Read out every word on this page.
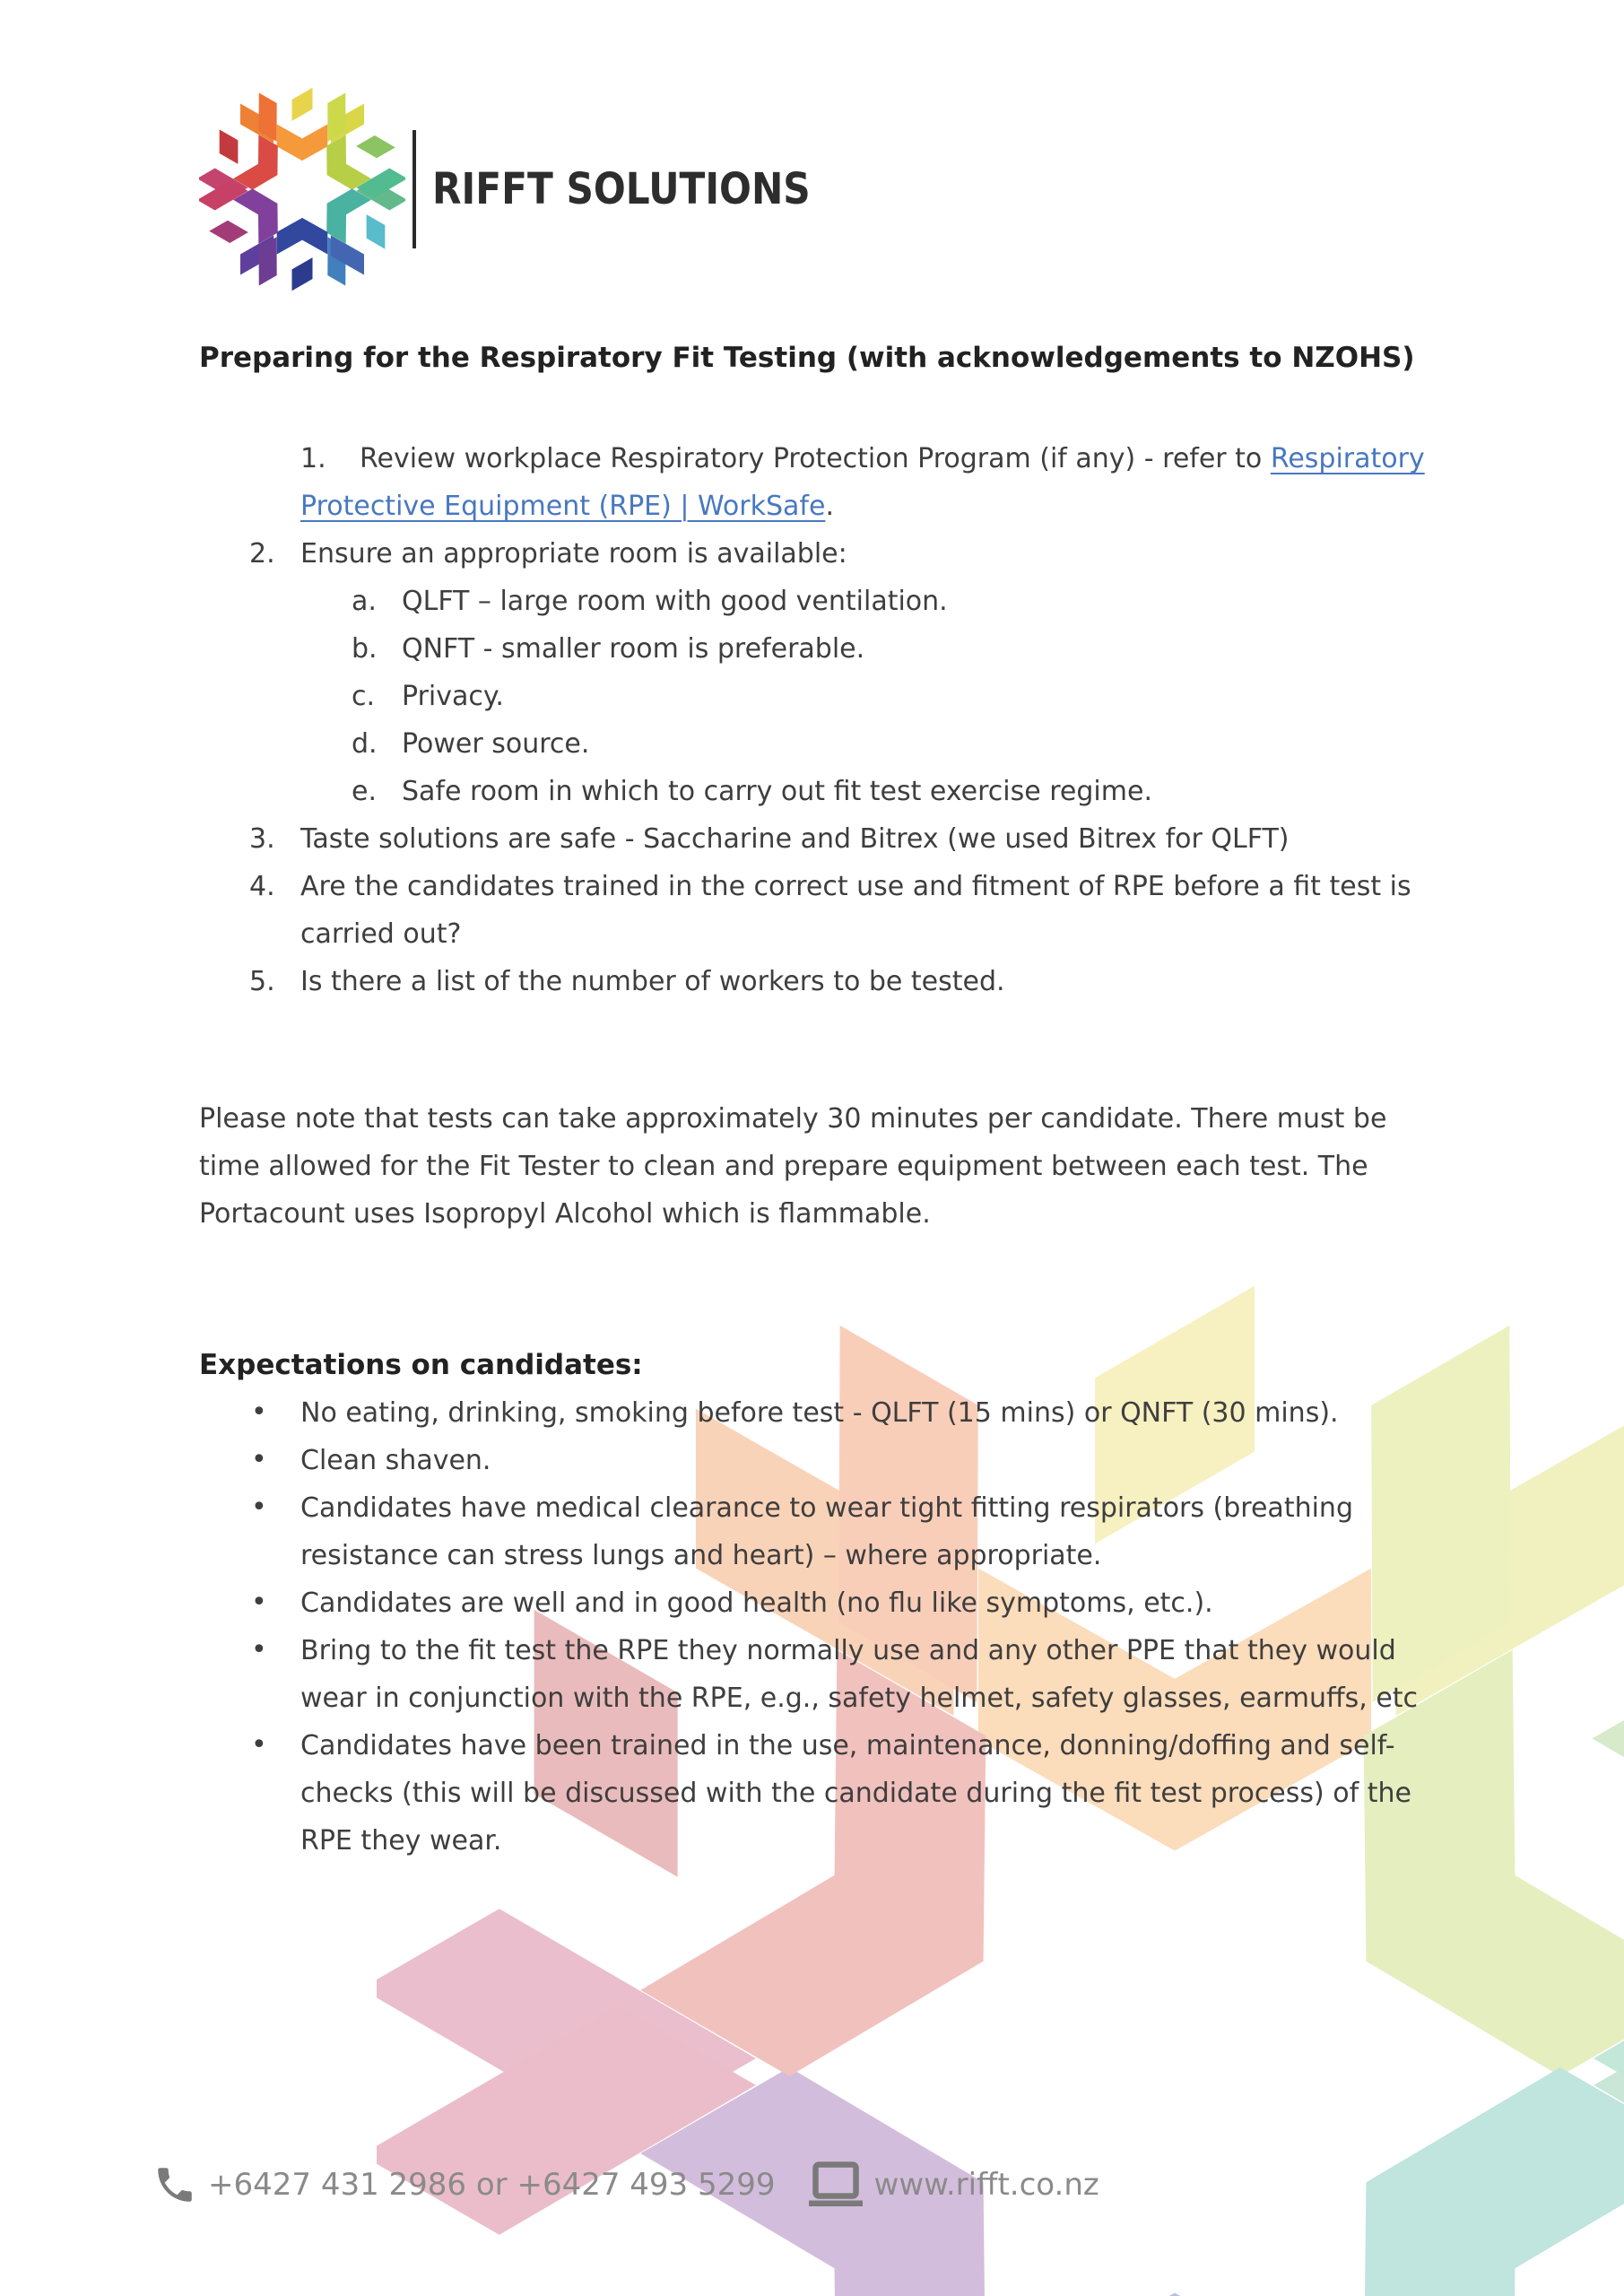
RIFFT SOLUTIONS
Preparing for the Respiratory Fit Testing (with acknowledgements to NZOHS)
1. Review workplace Respiratory Protection Program (if any) - refer to Respiratory Protective Equipment (RPE) | WorkSafe.
2. Ensure an appropriate room is available:
a. QLFT – large room with good ventilation.
b. QNFT - smaller room is preferable.
c. Privacy.
d. Power source.
e. Safe room in which to carry out fit test exercise regime.
3. Taste solutions are safe - Saccharine and Bitrex (we used Bitrex for QLFT)
4. Are the candidates trained in the correct use and fitment of RPE before a fit test is carried out?
5. Is there a list of the number of workers to be tested.
Please note that tests can take approximately 30 minutes per candidate. There must be time allowed for the Fit Tester to clean and prepare equipment between each test. The Portacount uses Isopropyl Alcohol which is flammable.
Expectations on candidates:
• No eating, drinking, smoking before test - QLFT (15 mins) or QNFT (30 mins).
• Clean shaven.
• Candidates have medical clearance to wear tight fitting respirators (breathing resistance can stress lungs and heart) – where appropriate.
• Candidates are well and in good health (no flu like symptoms, etc.).
• Bring to the fit test the RPE they normally use and any other PPE that they would wear in conjunction with the RPE, e.g., safety helmet, safety glasses, earmuffs, etc
• Candidates have been trained in the use, maintenance, donning/doffing and self-checks (this will be discussed with the candidate during the fit test process) of the RPE they wear.
+6427 431 2986 or +6427 493 5299	www.rifft.co.nz
